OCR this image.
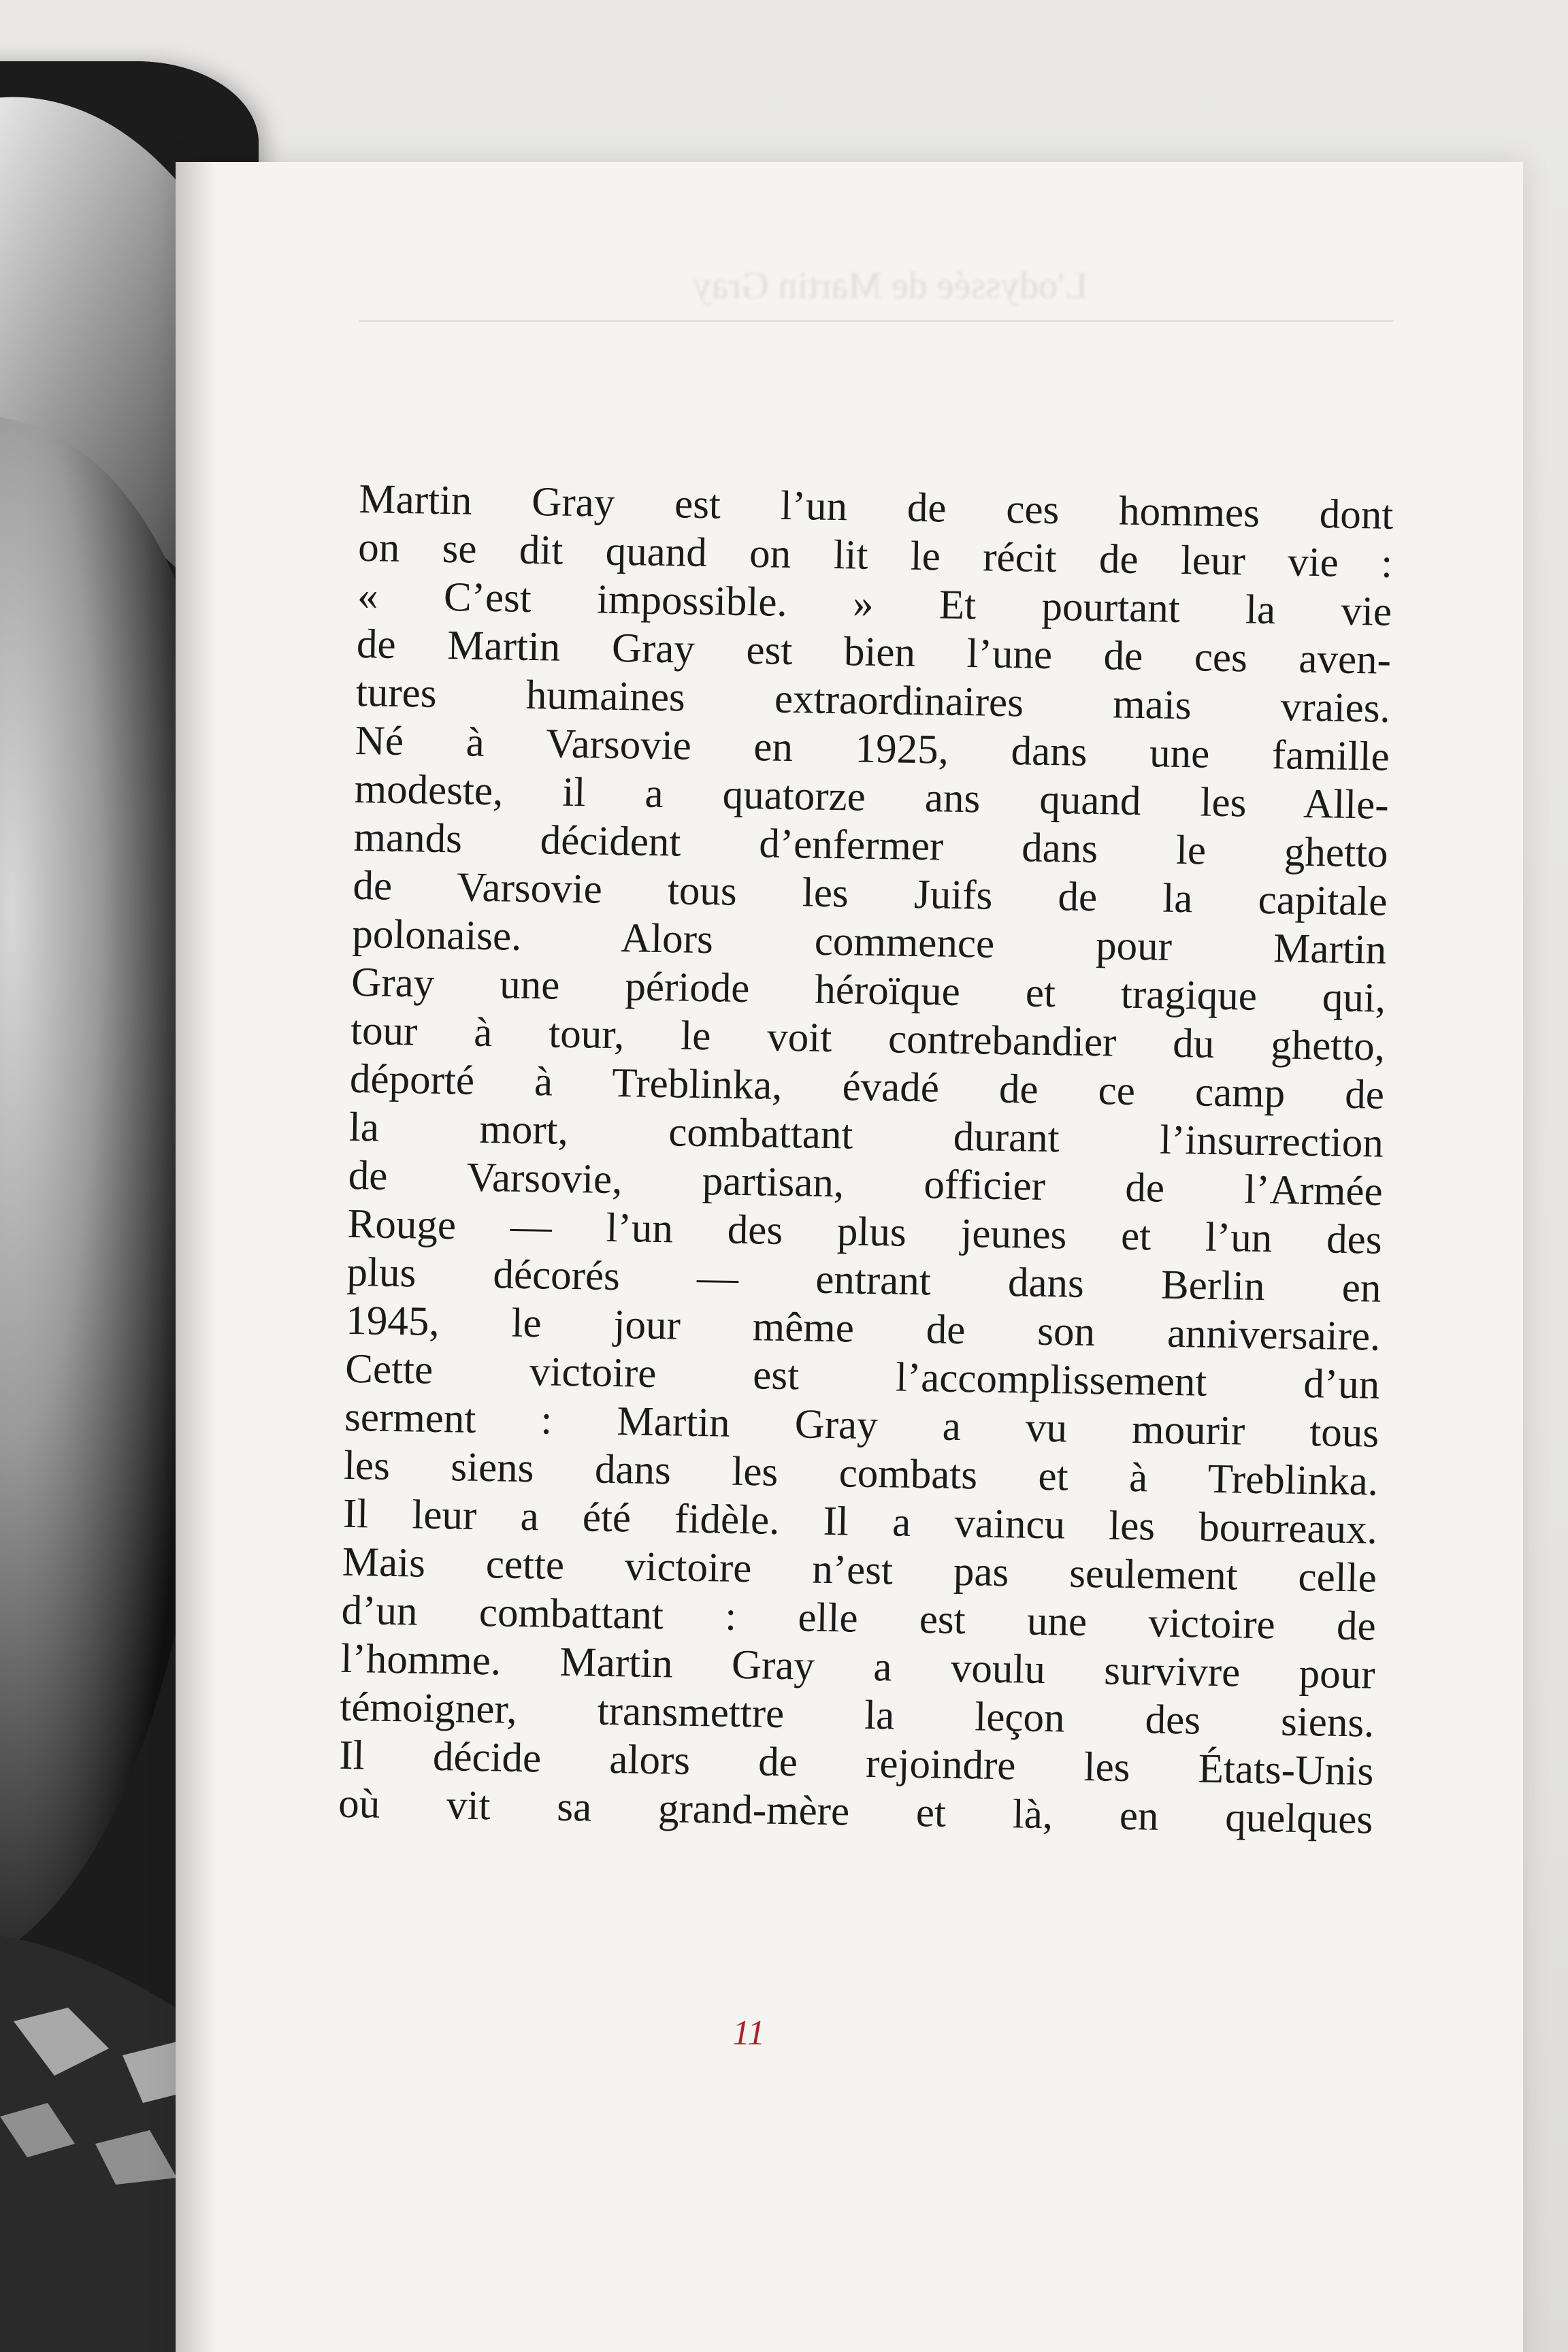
L'odyssée de Martin Gray
Martin Gray est l’un de ces hommes dont
on se dit quand on lit le récit de leur vie :
« C’est impossible. » Et pourtant la vie
de Martin Gray est bien l’une de ces aven-
tures humaines extraordinaires mais vraies.
Né à Varsovie en 1925, dans une famille
modeste, il a quatorze ans quand les Alle-
mands décident d’enfermer dans le ghetto
de Varsovie tous les Juifs de la capitale
polonaise. Alors commence pour Martin
Gray une période héroïque et tragique qui,
tour à tour, le voit contrebandier du ghetto,
déporté à Treblinka, évadé de ce camp de
la mort, combattant durant l’insurrection
de Varsovie, partisan, officier de l’Armée
Rouge — l’un des plus jeunes et l’un des
plus décorés — entrant dans Berlin en
1945, le jour même de son anniversaire.
Cette victoire est l’accomplissement d’un
serment : Martin Gray a vu mourir tous
les siens dans les combats et à Treblinka.
Il leur a été fidèle. Il a vaincu les bourreaux.
Mais cette victoire n’est pas seulement celle
d’un combattant : elle est une victoire de
l’homme. Martin Gray a voulu survivre pour
témoigner, transmettre la leçon des siens.
Il décide alors de rejoindre les États-Unis
où vit sa grand-mère et là, en quelques
11
